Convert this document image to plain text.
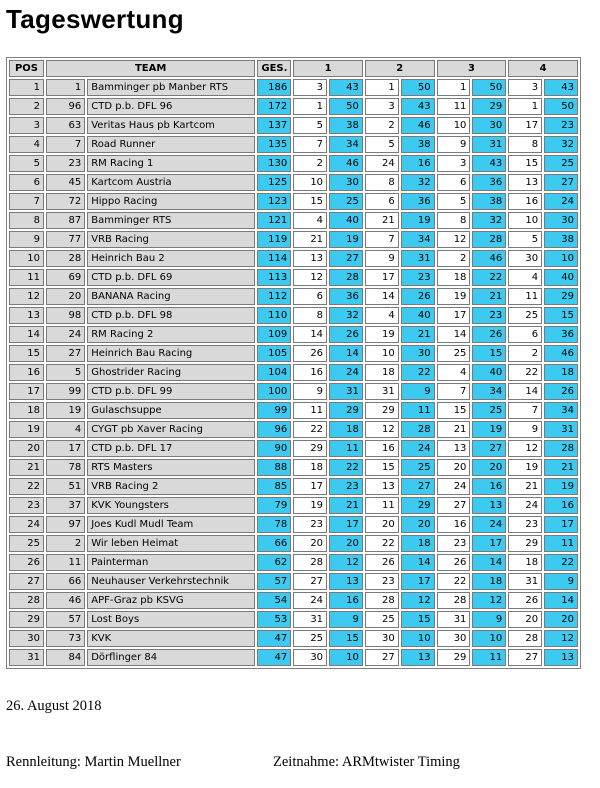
Tageswertung
POS	TEAM		GES.	1		2		3		4	
1	1	Bamminger pb Manber RTS	186	3	43	1	50	1	50	3	43
2	96	CTD p.b. DFL 96	172	1	50	3	43	11	29	1	50
3	63	Veritas Haus pb Kartcom	137	5	38	2	46	10	30	17	23
4	7	Road Runner	135	7	34	5	38	9	31	8	32
5	23	RM Racing 1	130	2	46	24	16	3	43	15	25
6	45	Kartcom Austria	125	10	30	8	32	6	36	13	27
7	72	Hippo Racing	123	15	25	6	36	5	38	16	24
8	87	Bamminger RTS	121	4	40	21	19	8	32	10	30
9	77	VRB Racing	119	21	19	7	34	12	28	5	38
10	28	Heinrich Bau 2	114	13	27	9	31	2	46	30	10
11	69	CTD p.b. DFL 69	113	12	28	17	23	18	22	4	40
12	20	BANANA Racing	112	6	36	14	26	19	21	11	29
13	98	CTD p.b. DFL 98	110	8	32	4	40	17	23	25	15
14	24	RM Racing 2	109	14	26	19	21	14	26	6	36
15	27	Heinrich Bau Racing	105	26	14	10	30	25	15	2	46
16	5	Ghostrider Racing	104	16	24	18	22	4	40	22	18
17	99	CTD p.b. DFL 99	100	9	31	31	9	7	34	14	26
18	19	Gulaschsuppe	99	11	29	29	11	15	25	7	34
19	4	CYGT pb Xaver Racing	96	22	18	12	28	21	19	9	31
20	17	CTD p.b. DFL 17	90	29	11	16	24	13	27	12	28
21	78	RTS Masters	88	18	22	15	25	20	20	19	21
22	51	VRB Racing 2	85	17	23	13	27	24	16	21	19
23	37	KVK Youngsters	79	19	21	11	29	27	13	24	16
24	97	Joes Kudl Mudl Team	78	23	17	20	20	16	24	23	17
25	2	Wir leben Heimat	66	20	20	22	18	23	17	29	11
26	11	Painterman	62	28	12	26	14	26	14	18	22
27	66	Neuhauser Verkehrstechnik	57	27	13	23	17	22	18	31	9
28	46	APF-Graz pb KSVG	54	24	16	28	12	28	12	26	14
29	57	Lost Boys	53	31	9	25	15	31	9	20	20
30	73	KVK	47	25	15	30	10	30	10	28	12
31	84	Dörflinger 84	47	30	10	27	13	29	11	27	13
26. August 2018
Rennleitung: Martin Muellner	Zeitnahme: ARMtwister Timing
